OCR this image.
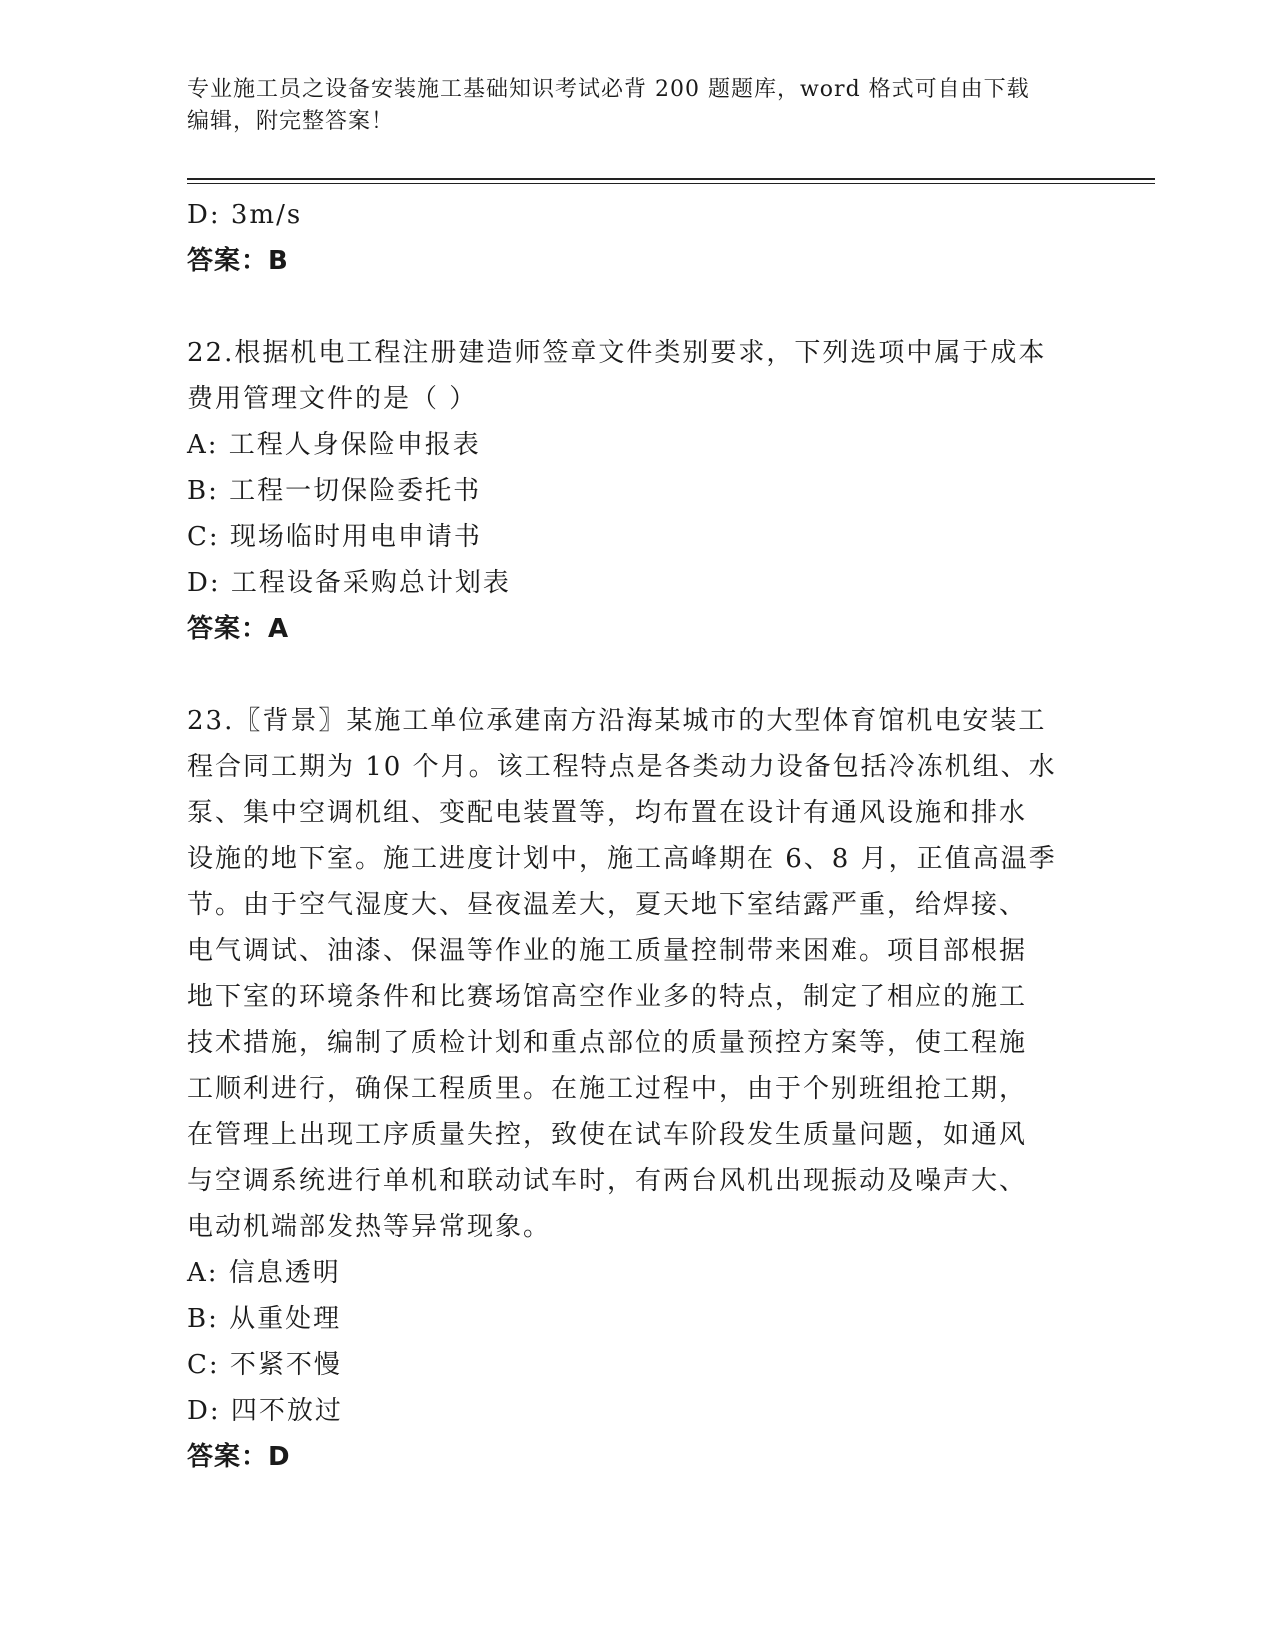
专业施工员之设备安装施工基础知识考试必背 200 题题库，word 格式可自由下载
编辑，附完整答案！

D: 3m/s

答案：B

22.根据机电工程注册建造师签章文件类别要求，下列选项中属于成本

费用管理文件的是（ ）

A: 工程人身保险申报表

B: 工程一切保险委托书

C: 现场临时用电申请书

D: 工程设备采购总计划表

答案：A

23.〖背景〗某施工单位承建南方沿海某城市的大型体育馆机电安装工

程合同工期为 10 个月。该工程特点是各类动力设备包括冷冻机组、水

泵、集中空调机组、变配电装置等，均布置在设计有通风设施和排水

设施的地下室。施工进度计划中，施工高峰期在 6、8 月，正值高温季

节。由于空气湿度大、昼夜温差大，夏天地下室结露严重，给焊接、

电气调试、油漆、保温等作业的施工质量控制带来困难。项目部根据

地下室的环境条件和比赛场馆高空作业多的特点，制定了相应的施工

技术措施，编制了质检计划和重点部位的质量预控方案等，使工程施

工顺利进行，确保工程质里。在施工过程中，由于个别班组抢工期，

在管理上出现工序质量失控，致使在试车阶段发生质量问题，如通风

与空调系统进行单机和联动试车时，有两台风机出现振动及噪声大、

电动机端部发热等异常现象。

A: 信息透明

B: 从重处理

C: 不紧不慢

D: 四不放过

答案：D
